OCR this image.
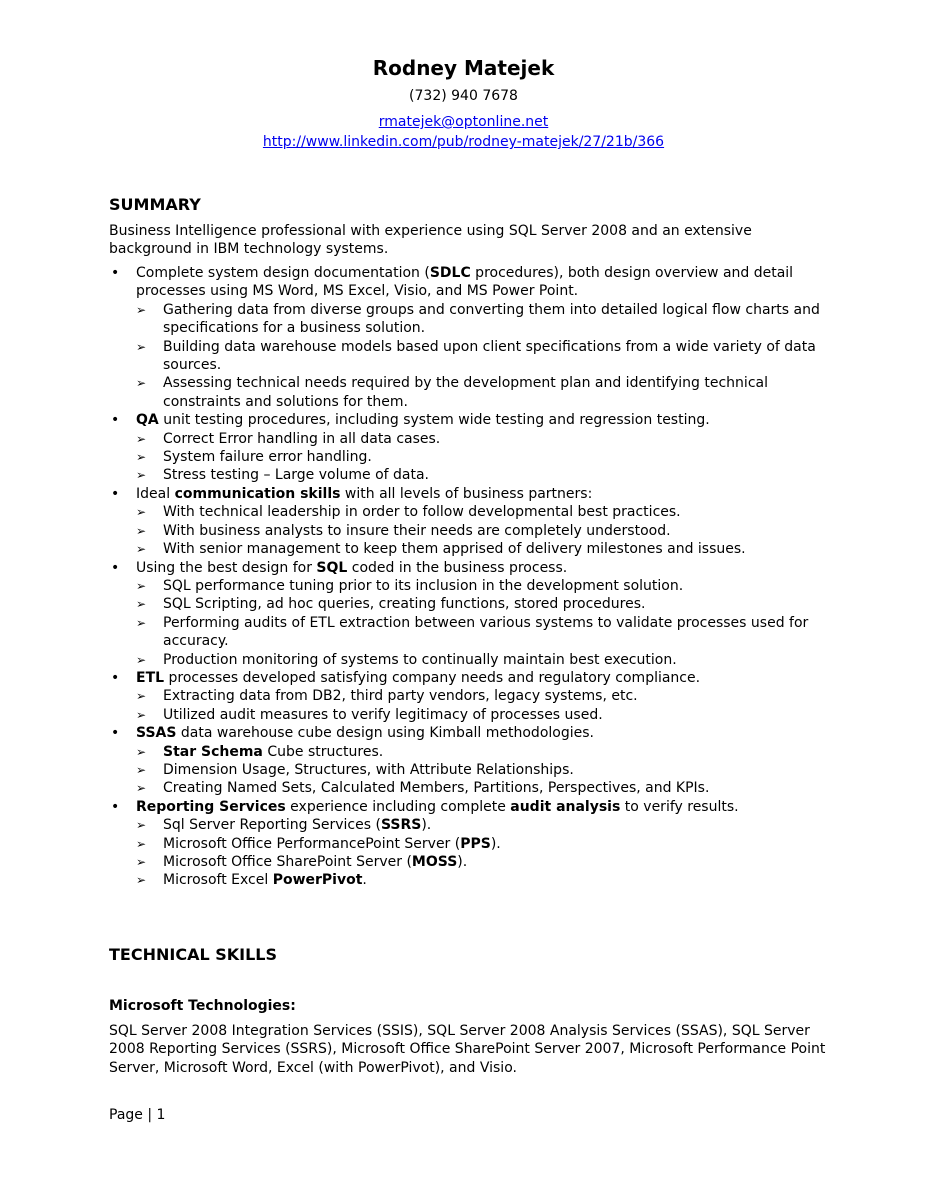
Rodney Matejek
(732) 940 7678
rmatejek@optonline.net
http://www.linkedin.com/pub/rodney-matejek/27/21b/366
SUMMARY

Business Intelligence professional with experience using SQL Server 2008 and an extensive background in IBM technology systems.

• Complete system design documentation (SDLC procedures), both design overview and detail processes using MS Word, MS Excel, Visio, and MS Power Point.
➢ Gathering data from diverse groups and converting them into detailed logical flow charts and specifications for a business solution.
➢ Building data warehouse models based upon client specifications from a wide variety of data sources.
➢ Assessing technical needs required by the development plan and identifying technical constraints and solutions for them.
• QA unit testing procedures, including system wide testing and regression testing.
➢ Correct Error handling in all data cases.
➢ System failure error handling.
➢ Stress testing – Large volume of data.
• Ideal communication skills with all levels of business partners:
➢ With technical leadership in order to follow developmental best practices.
➢ With business analysts to insure their needs are completely understood.
➢ With senior management to keep them apprised of delivery milestones and issues.
• Using the best design for SQL coded in the business process.
➢ SQL performance tuning prior to its inclusion in the development solution.
➢ SQL Scripting, ad hoc queries, creating functions, stored procedures.
➢ Performing audits of ETL extraction between various systems to validate processes used for accuracy.
➢ Production monitoring of systems to continually maintain best execution.
• ETL processes developed satisfying company needs and regulatory compliance.
➢ Extracting data from DB2, third party vendors, legacy systems, etc.
➢ Utilized audit measures to verify legitimacy of processes used.
• SSAS data warehouse cube design using Kimball methodologies.
➢ Star Schema Cube structures.
➢ Dimension Usage, Structures, with Attribute Relationships.
➢ Creating Named Sets, Calculated Members, Partitions, Perspectives, and KPIs.
• Reporting Services experience including complete audit analysis to verify results.
➢ Sql Server Reporting Services (SSRS).
➢ Microsoft Office PerformancePoint Server (PPS).
➢ Microsoft Office SharePoint Server (MOSS).
➢ Microsoft Excel PowerPivot.
TECHNICAL SKILLS

Microsoft Technologies:

SQL Server 2008 Integration Services (SSIS), SQL Server 2008 Analysis Services (SSAS), SQL Server 2008 Reporting Services (SSRS), Microsoft Office SharePoint Server 2007, Microsoft Performance Point Server, Microsoft Word, Excel (with PowerPivot), and Visio.

Page | 1
